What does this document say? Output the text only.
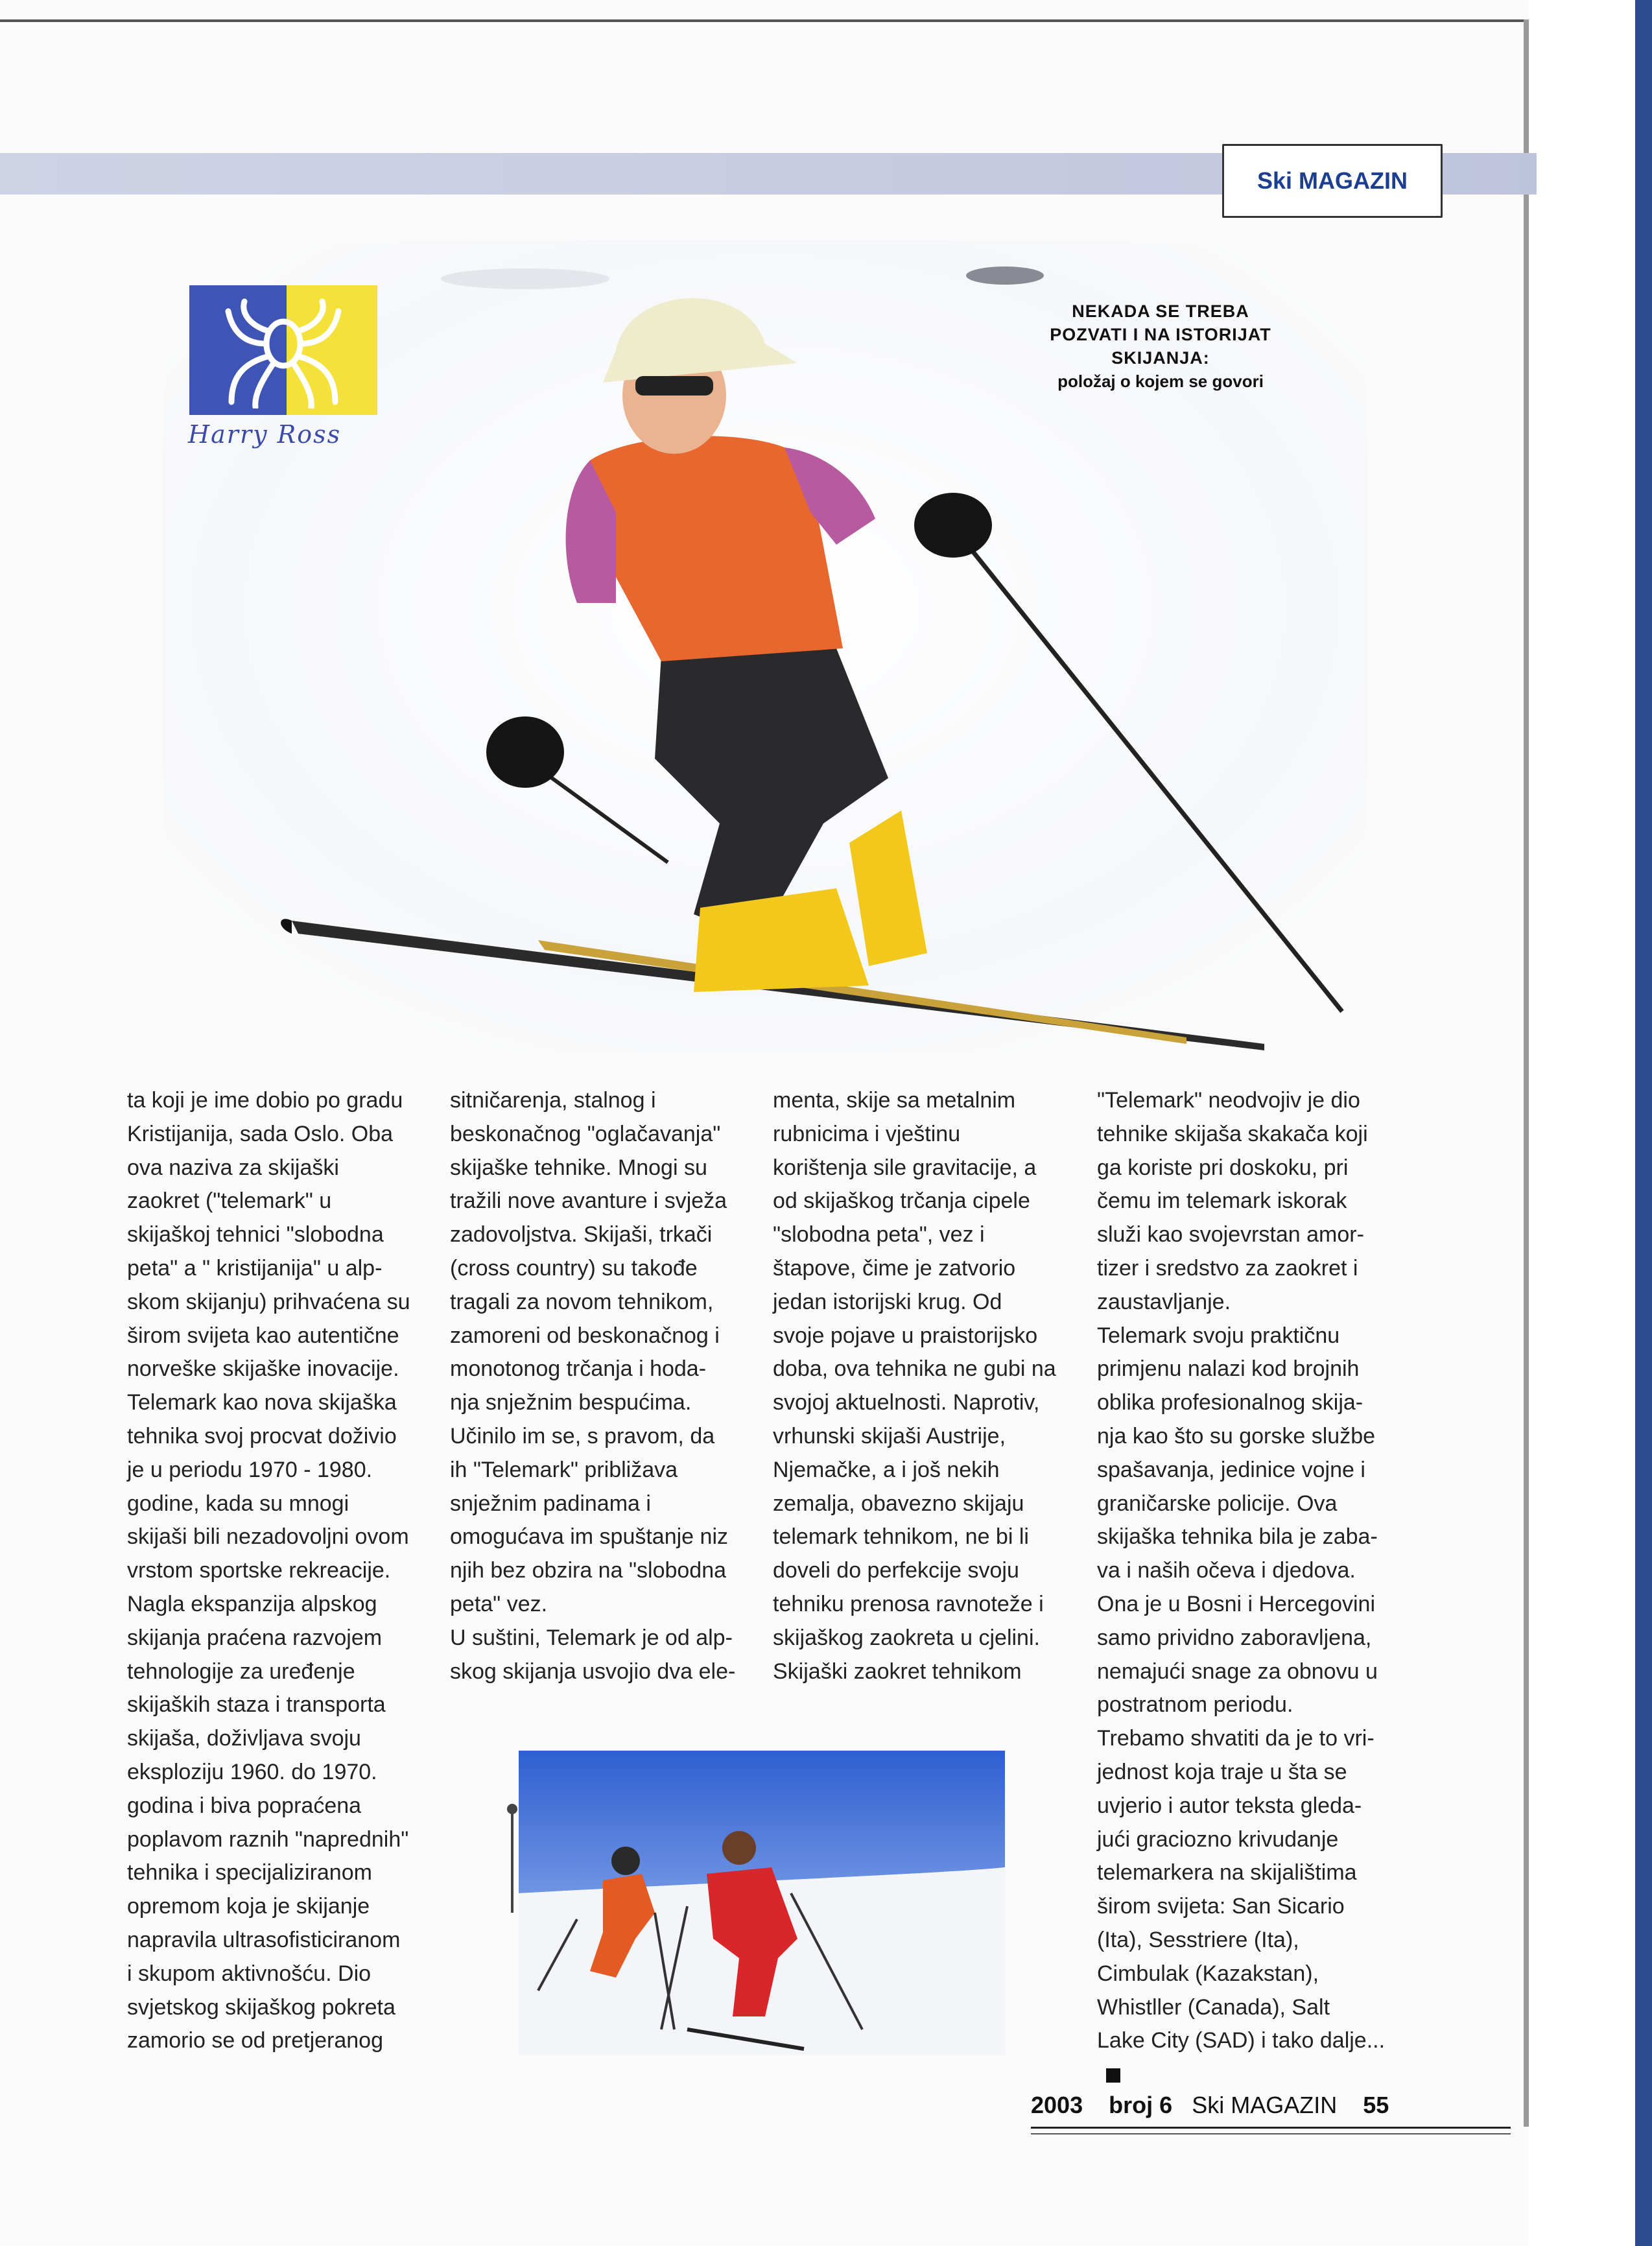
Ski MAGAZIN
Harry Ross
NEKADA SE TREBA
POZVATI I NA ISTORIJAT
SKIJANJA:
položaj o kojem se govori

ta koji je ime dobio po gradu

Kristijanija, sada Oslo. Oba

ova naziva za skijaški

zaokret ("telemark" u

skijaškoj tehnici "slobodna

peta" a " kristijanija" u alp-

skom skijanju) prihvaćena su

širom svijeta kao autentične

norveške skijaške inovacije.

Telemark kao nova skijaška

tehnika svoj procvat doživio

je u periodu 1970 - 1980.

godine, kada su mnogi

skijaši bili nezadovoljni ovom

vrstom sportske rekreacije.

Nagla ekspanzija alpskog

skijanja praćena razvojem

tehnologije za uređenje

skijaških staza i transporta

skijaša, doživljava svoju

eksploziju 1960. do 1970.

godina i biva popraćena

poplavom raznih "naprednih"

tehnika i specijaliziranom

opremom koja je skijanje

napravila ultrasofisticiranom

i skupom aktivnošću. Dio

svjetskog skijaškog pokreta

zamorio se od pretjeranog

sitničarenja, stalnog i

beskonačnog "oglačavanja"

skijaške tehnike. Mnogi su

tražili nove avanture i svježa

zadovoljstva. Skijaši, trkači

(cross country) su takođe

tragali za novom tehnikom,

zamoreni od beskonačnog i

monotonog trčanja i hoda-

nja snježnim bespućima.

Učinilo im se, s pravom, da

ih "Telemark" približava

snježnim padinama i

omogućava im spuštanje niz

njih bez obzira na "slobodna

peta" vez.

U suštini, Telemark je od alp-

skog skijanja usvojio dva ele-

menta, skije sa metalnim

rubnicima i vještinu

korištenja sile gravitacije, a

od skijaškog trčanja cipele

"slobodna peta", vez i

štapove, čime je zatvorio

jedan istorijski krug. Od

svoje pojave u praistorijsko

doba, ova tehnika ne gubi na

svojoj aktuelnosti. Naprotiv,

vrhunski skijaši Austrije,

Njemačke, a i još nekih

zemalja, obavezno skijaju

telemark tehnikom, ne bi li

doveli do perfekcije svoju

tehniku prenosa ravnoteže i

skijaškog zaokreta u cjelini.

Skijaški zaokret tehnikom

"Telemark" neodvojiv je dio

tehnike skijaša skakača koji

ga koriste pri doskoku, pri

čemu im telemark iskorak

služi kao svojevrstan amor-

tizer i sredstvo za zaokret i

zaustavljanje.

Telemark svoju praktičnu

primjenu nalazi kod brojnih

oblika profesionalnog skija-

nja kao što su gorske službe

spašavanja, jedinice vojne i

graničarske policije. Ova

skijaška tehnika bila je zaba-

va i naših očeva i djedova.

Ona je u Bosni i Hercegovini

samo prividno zaboravljena,

nemajući snage za obnovu u

postratnom periodu.

Trebamo shvatiti da je to vri-

jednost koja traje u šta se

uvjerio i autor teksta gleda-

jući graciozno krivudanje

telemarkera na skijalištima

širom svijeta: San Sicario

(Ita), Sesstriere (Ita),

Cimbulak (Kazakstan),

Whistller (Canada), Salt

Lake City (SAD) i tako dalje...

2003 broj 6 Ski MAGAZIN 55
